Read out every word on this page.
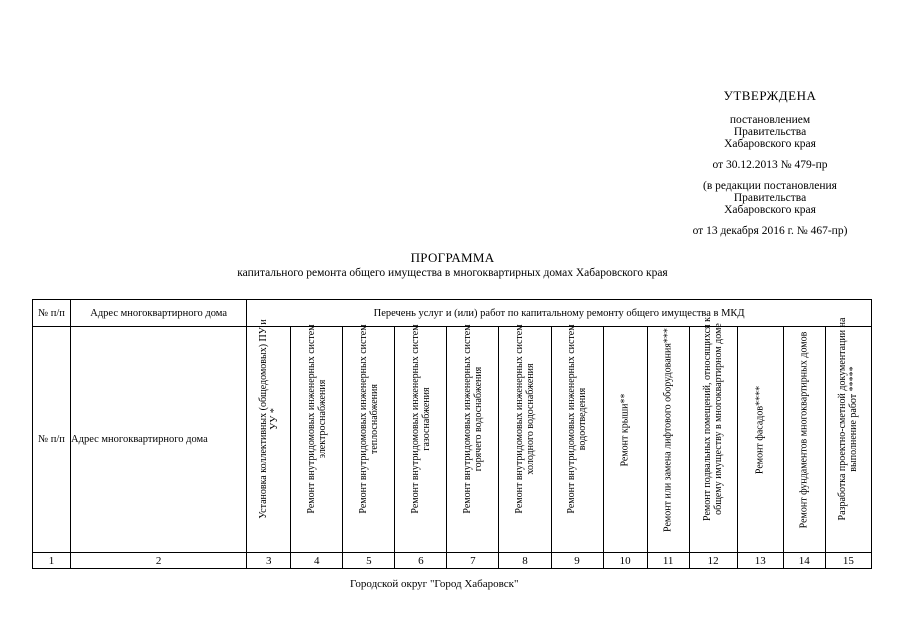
УТВЕРЖДЕНА
постановлением
Правительства
Хабаровского края
от 30.12.2013 № 479-пр
(в редакции постановления
Правительства
Хабаровского края
от 13 декабря 2016 г. № 467-пр)
ПРОГРАММА
капитального ремонта общего имущества в многоквартирных домах Хабаровского края
№ п/п	Адрес многоквартирного дома	Перечень услуг и (или) работ по капитальному ремонту общего имущества в МКД												
№ п/п	Адрес многоквартирного дома	Установка коллективных (общедомовых) ПУ и УУ *	Ремонт внутридомовых инженерных систем электроснабжения	Ремонт внутридомовых инженерных систем теплоснабжения	Ремонт внутридомовых инженерных систем газоснабжения	Ремонт внутридомовых инженерных систем горячего водоснабжения	Ремонт внутридомовых инженерных систем холодного водоснабжения	Ремонт внутридомовых инженерных систем водоотведения	Ремонт крыши**	Ремонт или замена лифтового оборудования***	Ремонт подвальных помещений, относящихся к общему имуществу в многоквартирном доме	Ремонт фасадов****	Ремонт фундаментов многоквартирных домов	Разработка проектно-сметной документации на выполнение работ *****

1	2	3	4	5	6	7	8	9	10	11	12	13	14	15
Городской округ "Город Хабаровск"
